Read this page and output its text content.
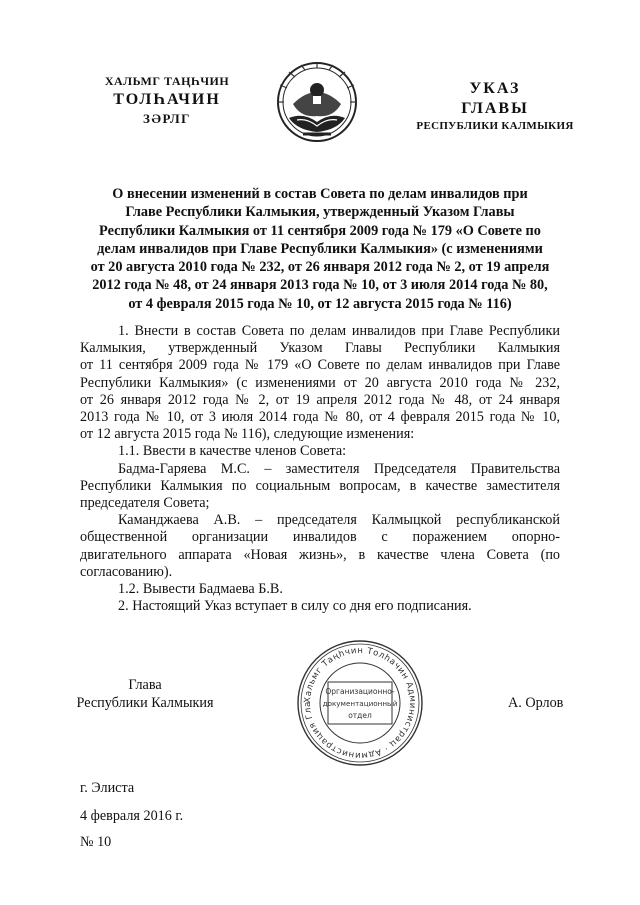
ХАЛЬМГ ТАҢҺЧИН
ТОЛҺАЧИН
ЗӘРЛГ
УКАЗ
ГЛАВЫ
РЕСПУБЛИКИ КАЛМЫКИЯ

О внесении изменений в состав Совета по делам инвалидов при

Главе Республики Калмыкия, утвержденный Указом Главы

Республики Калмыкия от 11 сентября 2009 года № 179 «О Совете по

делам инвалидов при Главе Республики Калмыкия» (с изменениями

от 20 августа 2010 года № 232, от 26 января 2012 года № 2, от 19 апреля

2012 года № 48, от 24 января 2013 года № 10, от 3 июля 2014 года № 80,

от 4 февраля 2015 года № 10, от 12 августа 2015 года № 116)

1. Внести в состав Совета по делам инвалидов при Главе Республики

Калмыкия, утвержденный Указом Главы Республики Калмыкия

от 11 сентября 2009 года № 179 «О Совете по делам инвалидов при Главе

Республики Калмыкия» (с изменениями от 20 августа 2010 года № 232,

от 26 января 2012 года № 2, от 19 апреля 2012 года № 48, от 24 января

2013 года № 10, от 3 июля 2014 года № 80, от 4 февраля 2015 года № 10,

от 12 августа 2015 года № 116), следующие изменения:

1.1. Ввести в качестве членов Совета:

Бадма-Гаряева М.С. – заместителя Председателя Правительства

Республики Калмыкия по социальным вопросам, в качестве заместителя

председателя Совета;

Каманджаева А.В. – председателя Калмыцкой республиканской

общественной организации инвалидов с поражением опорно-

двигательного аппарата «Новая жизнь», в качестве члена Совета (по

согласованию).

1.2. Вывести Бадмаева Б.В.

2. Настоящий Указ вступает в силу со дня его подписания.

Глава
Республики Калмыкия	Хальмг Таңһчин Толһачин Администрац · Администрация Гла
Организационно-
документационный
отдел
А. Орлов
г. Элиста
4 февраля 2016 г.
№ 10
